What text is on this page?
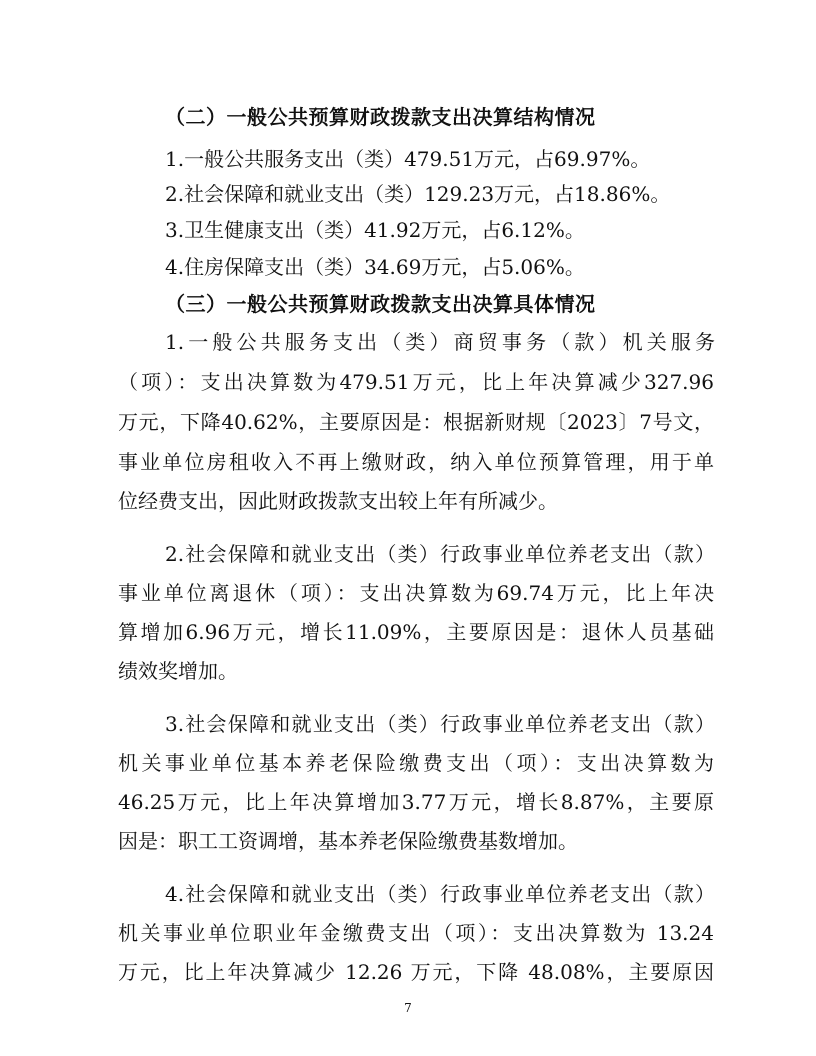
（二）一般公共预算财政拨款支出决算结构情况
1.一般公共服务支出（类）479.51万元，占69.97%。
2.社会保障和就业支出（类）129.23万元，占18.86%。
3.卫生健康支出（类）41.92万元，占6.12%。
4.住房保障支出（类）34.69万元，占5.06%。
（三）一般公共预算财政拨款支出决算具体情况
1.一般公共服务支出（类）商贸事务（款）机关服务
（项）：支出决算数为479.51万元，比上年决算减少327.96
万元，下降40.62%，主要原因是：根据新财规〔2023〕7号文，
事业单位房租收入不再上缴财政，纳入单位预算管理，用于单
位经费支出，因此财政拨款支出较上年有所减少。
2.社会保障和就业支出（类）行政事业单位养老支出（款）
事业单位离退休（项）：支出决算数为69.74万元，比上年决
算增加6.96万元，增长11.09%，主要原因是：退休人员基础
绩效奖增加。
3.社会保障和就业支出（类）行政事业单位养老支出（款）
机关事业单位基本养老保险缴费支出（项）：支出决算数为
46.25万元，比上年决算增加3.77万元，增长8.87%，主要原
因是：职工工资调增，基本养老保险缴费基数增加。
4.社会保障和就业支出（类）行政事业单位养老支出（款）
机关事业单位职业年金缴费支出（项）：支出决算数为 13.24
万元，比上年决算减少 12.26 万元，下降 48.08%，主要原因
7
